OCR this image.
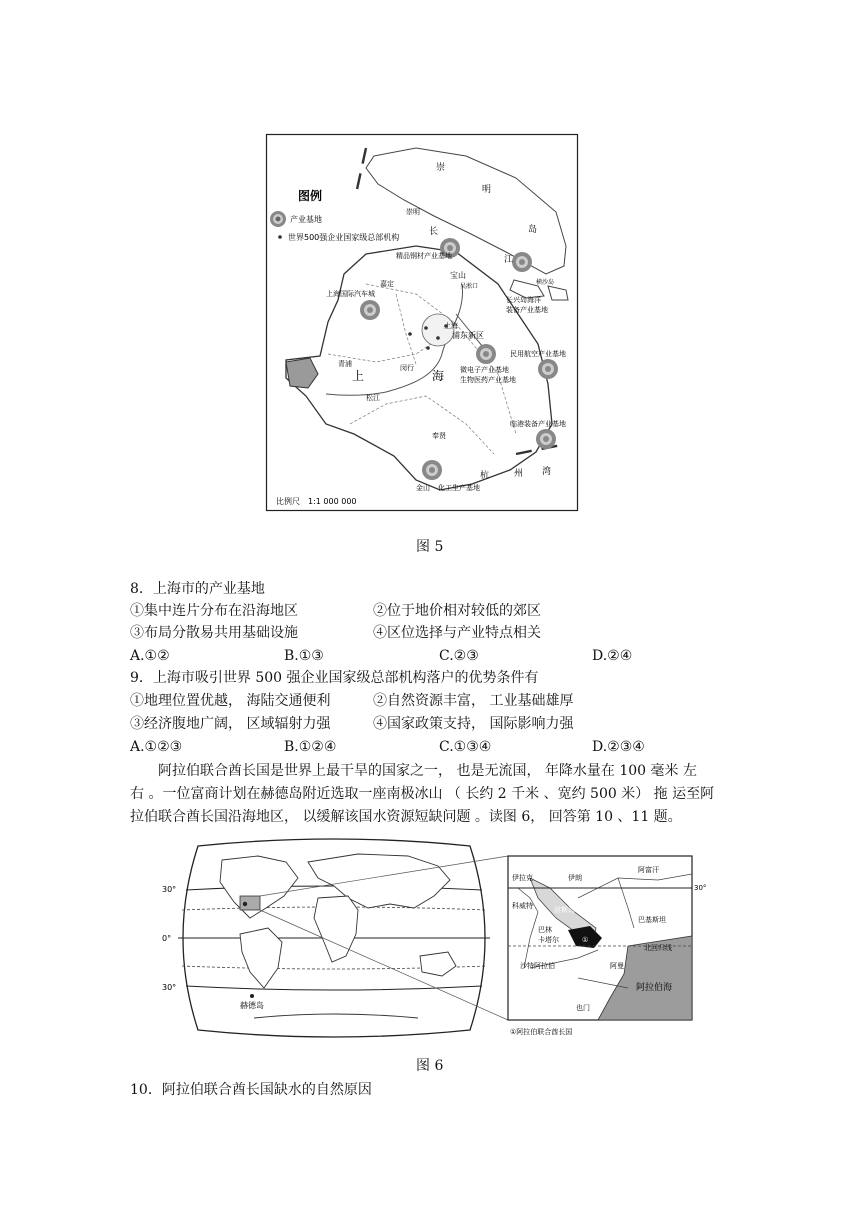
图例
产业基地
世界500强企业国家级总部机构
崇
明
岛
崇明
长
江
精品钢材产业基地
宝山
吴淞口
嘉定
上海国际汽车城
长兴岛海洋
装备产业基地
横沙岛
上海
浦东新区
民用航空产业基地
微电子产业基地
生物医药产业基地
青浦
上	海
闵行
松江
临港装备产业基地
奉贤
金山 化工生产基地
杭	州 湾
比例尺　1:1 000 000
图 5
8．上海市的产业基地
①集中连片分布在沿海地区	②位于地价相对较低的郊区
③布局分散易共用基础设施	④区位选择与产业特点相关
A.①②	B.①③	C.②③	D.②④
9．上海市吸引世界 500 强企业国家级总部机构落户的优势条件有
①地理位置优越， 海陆交通便利	②自然资源丰富， 工业基础雄厚
③经济腹地广阔， 区域辐射力强	④国家政策支持， 国际影响力强
A.①②③	B.①②④	C.①③④	D.②③④
阿拉伯联合酋长国是世界上最干旱的国家之一， 也是无流国， 年降水量在 100 毫米 左
右 。一位富商计划在赫德岛附近选取一座南极冰山 （ 长约 2 千米 、宽约 500 米） 拖 运至阿
拉伯联合酋长国沿海地区， 以缓解该国水资源短缺问题 。读图 6， 回答第 10 、11 题。
赫德岛
30°
0°
30°
伊拉克	伊朗
阿富汗
科威特	波斯湾
巴林
卡塔尔
巴基斯坦
北回归线
沙特阿拉伯	阿曼
阿拉伯海
也门
30°
①
①阿拉伯联合酋长国
图 6
10．阿拉伯联合酋长国缺水的自然原因
